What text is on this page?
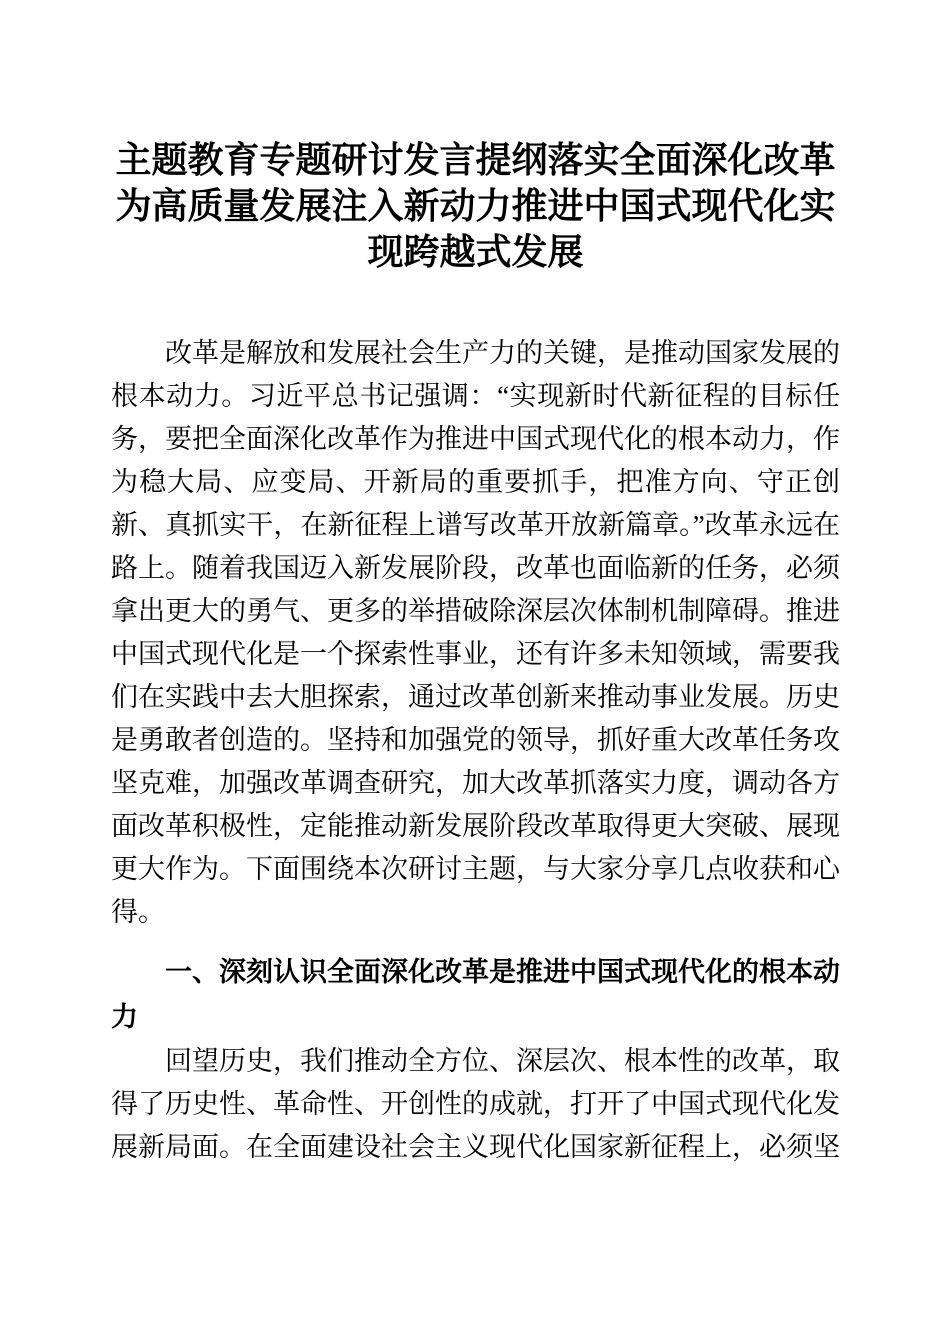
主题教育专题研讨发言提纲落实全面深化改革为高质量发展注入新动力推进中国式现代化实现跨越式发展

改革是解放和发展社会生产力的关键，是推动国家发展的根本动力。习近平总书记强调：“实现新时代新征程的目标任务，要把全面深化改革作为推进中国式现代化的根本动力，作为稳大局、应变局、开新局的重要抓手，把准方向、守正创新、真抓实干，在新征程上谱写改革开放新篇章。”改革永远在路上。随着我国迈入新发展阶段，改革也面临新的任务，必须拿出更大的勇气、更多的举措破除深层次体制机制障碍。推进中国式现代化是一个探索性事业，还有许多未知领域，需要我们在实践中去大胆探索，通过改革创新来推动事业发展。历史是勇敢者创造的。坚持和加强党的领导，抓好重大改革任务攻坚克难，加强改革调查研究，加大改革抓落实力度，调动各方面改革积极性，定能推动新发展阶段改革取得更大突破、展现更大作为。下面围绕本次研讨主题，与大家分享几点收获和心得。

一、深刻认识全面深化改革是推进中国式现代化的根本动力

回望历史，我们推动全方位、深层次、根本性的改革，取得了历史性、革命性、开创性的成就，打开了中国式现代化发展新局面。在全面建设社会主义现代化国家新征程上，必须坚
